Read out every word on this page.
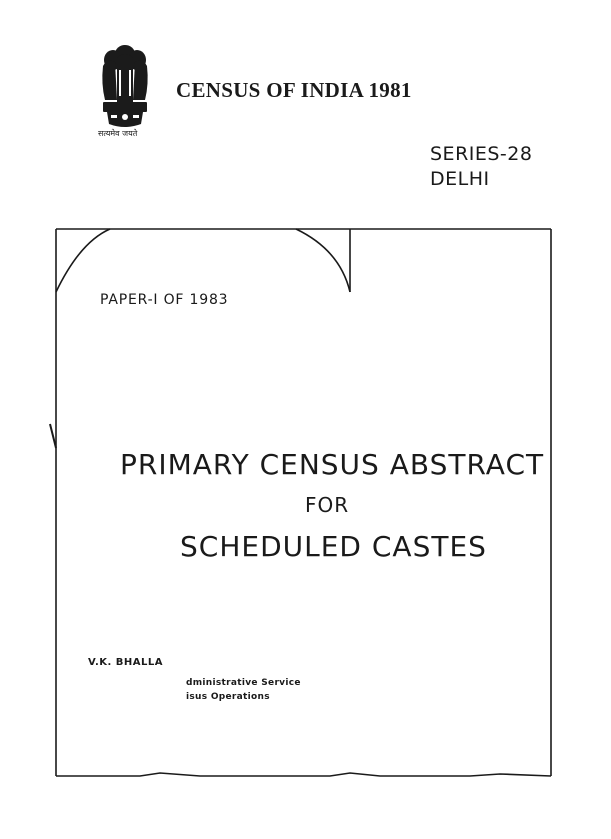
सत्यमेव जयते
CENSUS OF INDIA 1981
SERIES-28
DELHI
PAPER-I OF 1983
PRIMARY CENSUS ABSTRACT
FOR
SCHEDULED CASTES
V.K. BHALLA
dministrative Service
isus Operations
